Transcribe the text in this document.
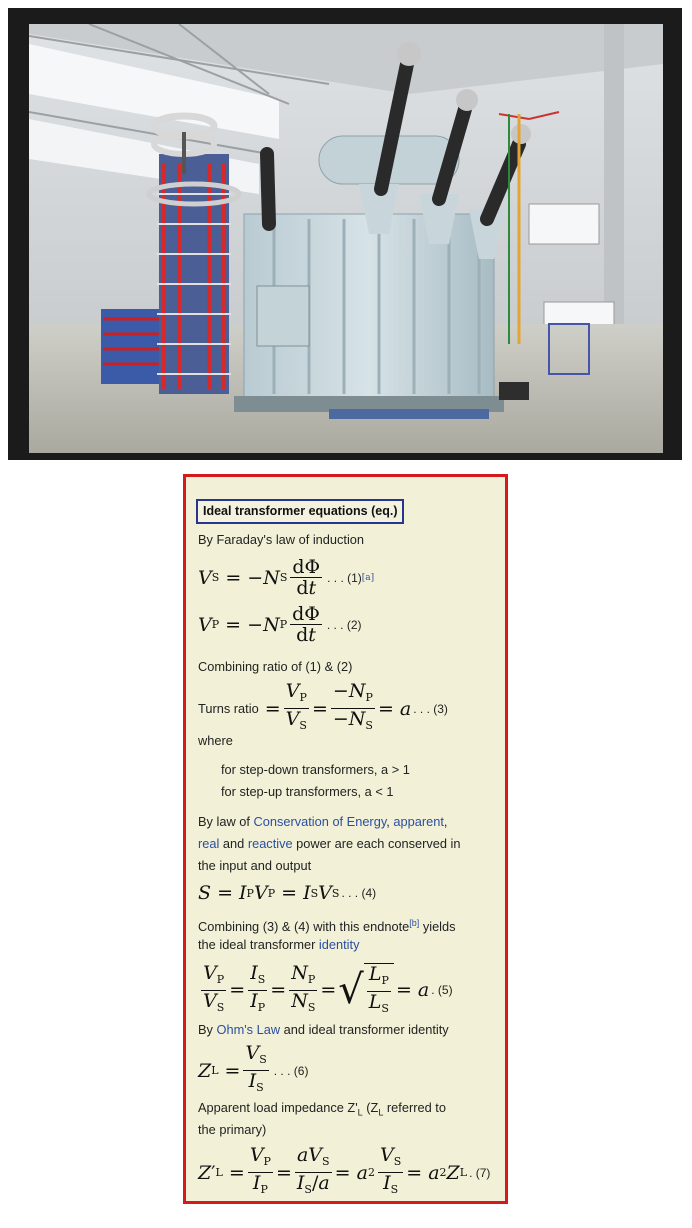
Ideal transformer equations (eq.)
By Faraday's law of induction
V S = − N S $\frac{d\Phi}{dt}$ . . . (1) [a]
V P = − N P $\frac{d\Phi}{dt}$ . . . (2)
Combining ratio of (1) & (2)
Turns ratio = $\frac{V_P}{V_S} = \frac{-N_P}{-N_S} = a$ . . . (3)
where
for step-down transformers, a > 1
for step-up transformers, a < 1
By law of Conservation of Energy, apparent,
real and reactive power are each conserved in
the input and output
S = I P V P = I S V S . . . (4)
Combining (3) & (4) with this endnote[b] yields
the ideal transformer identity
$\frac{V_P}{V_S} = \frac{I_S}{I_P} = \frac{N_P}{N_S}$ = √ $\frac{L_P}{L_S} = a$ . (5)
By Ohm's Law and ideal transformer identity
Z $L = \frac{V_S}{I_S}$ . . . (6)
Apparent load impedance $Z'_L$ ($Z_L$ referred to
the primary)
Z ′ $L = \frac{V_P}{I_P} = \frac{aV_S}{I_S/a} = a$ $2 \frac{V_S}{I_S} = a$ 2 Z L . (7)
